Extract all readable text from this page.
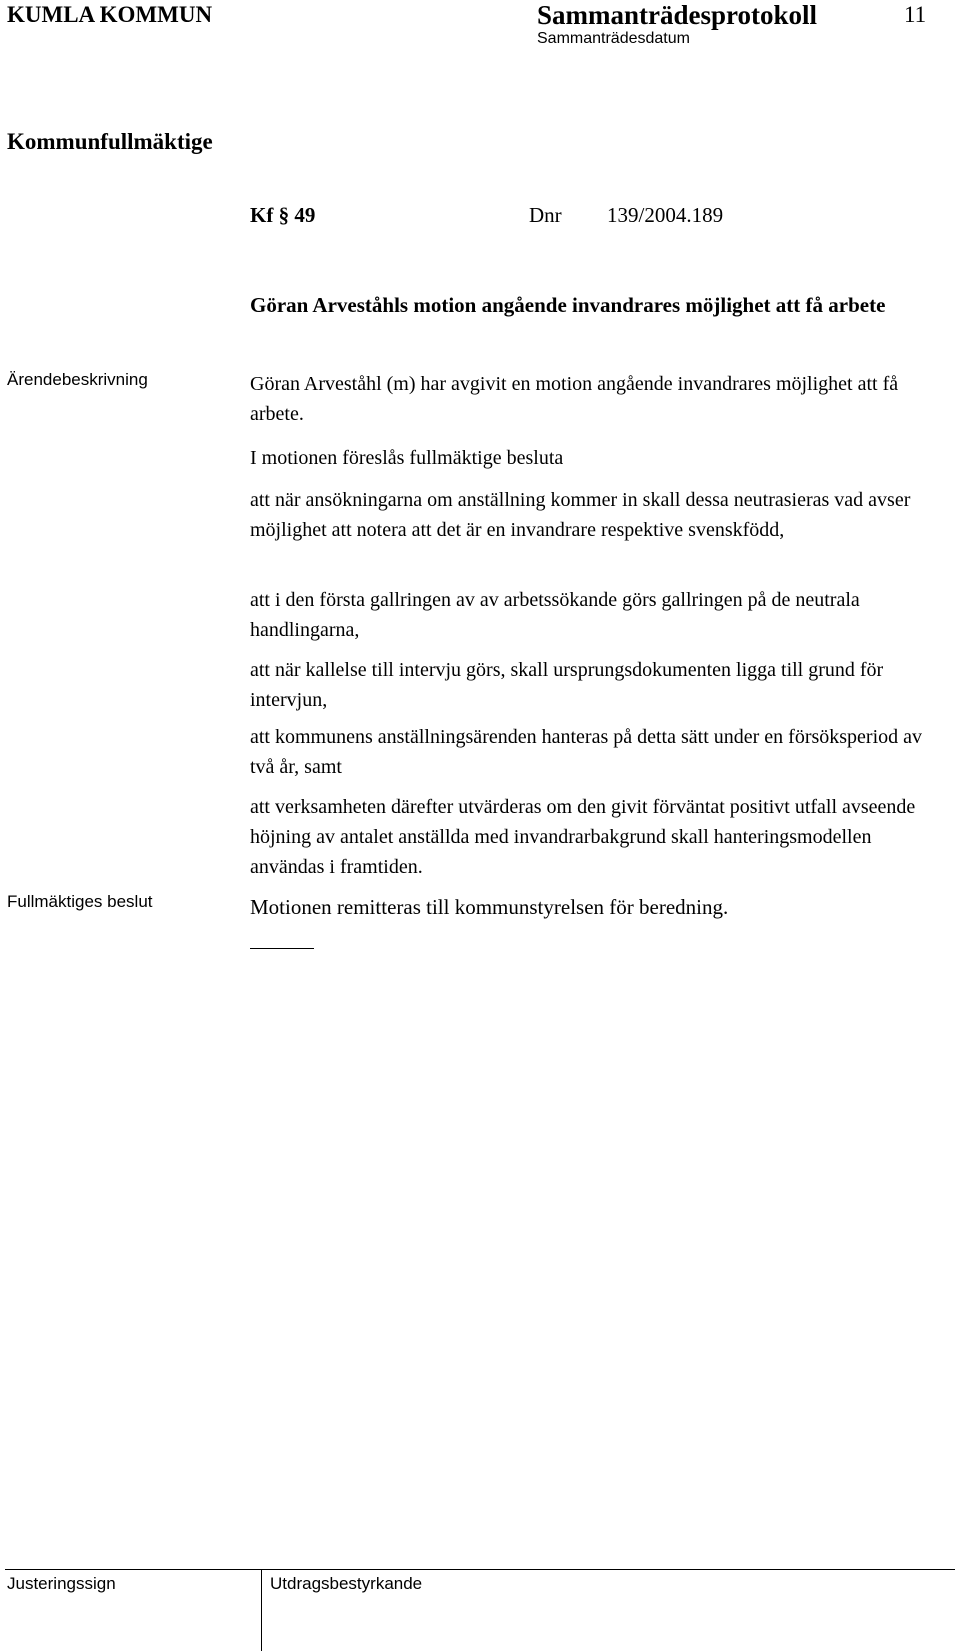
KUMLA KOMMUN	Sammanträdesprotokoll	11
Sammanträdesdatum
Kommunfullmäktige
Kf § 49	Dnr 139/2004.189
Göran Arveståhls motion angående invandrares möjlighet att få arbete
Ärendebeskrivning	Göran Arveståhl (m) har avgivit en motion angående invandrares möjlighet att få arbete.
I motionen föreslås fullmäktige besluta
att när ansökningarna om anställning kommer in skall dessa neutrasieras vad avser möjlighet att notera att det är en invandrare respektive svenskfödd,
att i den första gallringen av av arbetssökande görs gallringen på de neutrala handlingarna,
att när kallelse till intervju görs, skall ursprungsdokumenten ligga till grund för intervjun,
att kommunens anställningsärenden hanteras på detta sätt under en försöksperiod av två år, samt
att verksamheten därefter utvärderas om den givit förväntat positivt utfall avseende höjning av antalet anställda med invandrarbakgrund skall hanteringsmodellen användas i framtiden.
Fullmäktiges beslut	Motionen remitteras till kommunstyrelsen för beredning.
Justeringssign	Utdragsbestyrkande
